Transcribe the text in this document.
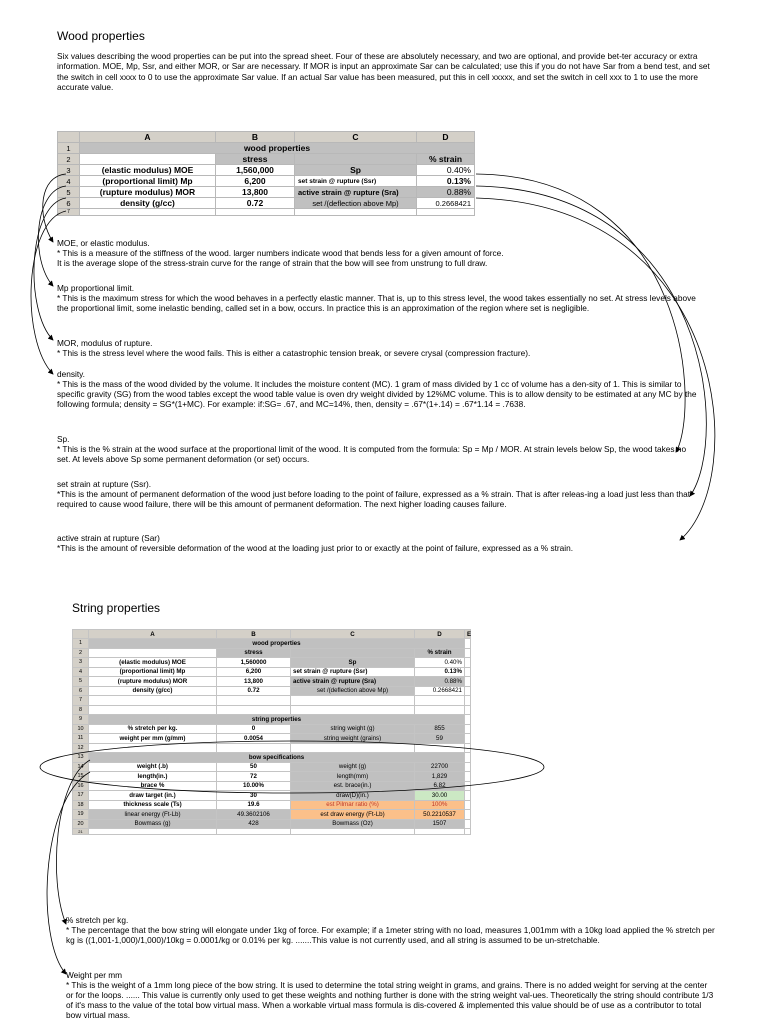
Wood properties
Six values describing the wood properties can be put into the spread sheet. Four of these are absolutely necessary, and two are optional, and provide bet-ter accuracy or extra information. MOE, Mp, Ssr, and either MOR, or Sar are necessary. If MOR is input an approximate Sar can be calculated; use this if you do not have Sar from a bend test, and set the switch in cell xxxx to 0 to use the approximate Sar value. If an actual Sar value has been measured, put this in cell xxxxx, and set the switch in cell xxx to 1 to use the more accurate value.
	A	B	C	D
1	wood properties			
2		stress		% strain
3	(elastic modulus) MOE	1,560,000	Sp	0.40%
4	(proportional limit) Mp	6,200	set strain @ rupture (Ssr)	0.13%
5	(rupture modulus) MOR	13,800	active strain @ rupture (Sra)	0.88%
6	density (g/cc)	0.72	set /(deflection above Mp)	0.2668421
7				
MOE, or elastic modulus.
* This is a measure of the stiffness of the wood. larger numbers indicate wood that bends less for a given amount of force.
It is the average slope of the stress-strain curve for the range of strain that the bow will see from unstrung to full draw.
Mp proportional limit.
* This is the maximum stress for which the wood behaves in a perfectly elastic manner. That is, up to this stress level, the wood takes essentially no set. At stress levels above the proportional limit, some inelastic bending, called set in a bow, occurs. In practice this is an approximation of the region where set is negligible.
MOR, modulus of rupture.
* This is the stress level where the wood fails. This is either a catastrophic tension break, or severe crysal (compression fracture).
density.
* This is the mass of the wood divided by the volume. It includes the moisture content (MC). 1 gram of mass divided by 1 cc of volume has a den-sity of 1. This is similar to specific gravity (SG) from the wood tables except the wood table value is oven dry weight divided by 12%MC volume. This is to allow density to be estimated at any MC by the following formula; density = SG*(1+MC). For example: if:SG= .67, and MC=14%, then, density = .67*(1+.14) = .67*1.14 = .7638.
Sp.
* This is the % strain at the wood surface at the proportional limit of the wood. It is computed from the formula: Sp = Mp / MOR. At strain levels below Sp, the wood takes no set. At levels above Sp some permanent deformation (or set) occurs.
set strain at rupture (Ssr).
*This is the amount of permanent deformation of the wood just before loading to the point of failure, expressed as a % strain. That is after releas-ing a load just less than that required to cause wood failure, there will be this amount of permanent deformation. The next higher loading causes failure.
active strain at rupture (Sar)
*This is the amount of reversible deformation of the wood at the loading just prior to or exactly at the point of failure, expressed as a % strain.
String properties
	A	B	C	D	E
1	wood properties				
2		stress		% strain	
3	(elastic modulus) MOE	1,560000	Sp	0.40%	
4	(proportional limit) Mp	6,200	set strain @ rupture (Ssr)	0.13%	
5	(rupture modulus) MOR	13,800	active strain @ rupture (Sra)	0.88%	
6	density (g/cc)	0.72	set /(deflection above Mp)	0.2668421	
7					
8					
9	string properties				
10	% stretch per kg.	0	string weight (g)	855	
11	weight per mm (g/mm)	0.0054	string weight (grains)	59	
12					
13	bow specifications				
14	weight (.b)	50	weight (g)	22700	
15	length(in.)	72	length(mm)	1,829	
16	brace %	10.00%	est. brace(in.)	6.82	
17	draw target (in.)	30	draw(D)(in.)	30.00	
18	thickness scale (Ts)	19.6	est Pilmar ratio (%)	100%	
19	linear energy (Ft-Lb)	49.3602106	est draw energy (Ft-Lb)	50.2210537	
20	Bowmass (g)	428	Bowmass (Oz)	1507	
21					
% stretch per kg.
* The percentage that the bow string will elongate under 1kg of force. For example; if a 1meter string with no load, measures 1,001mm with a 10kg load applied the % stretch per kg is ((1,001-1,000)/1,000)/10kg = 0.0001/kg or 0.01% per kg. .......This value is not currently used, and all string is assumed to be un-stretchable.
Weight per mm
* This is the weight of a 1mm long piece of the bow string. It is used to determine the total string weight in grams, and grains. There is no added weight for serving at the center or for the loops. ...... This value is currently only used to get these weights and nothing further is done with the string weight val-ues. Theoretically the string should contribute 1/3 of it's mass to the value of the total bow virtual mass. When a workable virtual mass formula is dis-covered & implemented this value should be of use as a contributor to total bow virtual mass.
